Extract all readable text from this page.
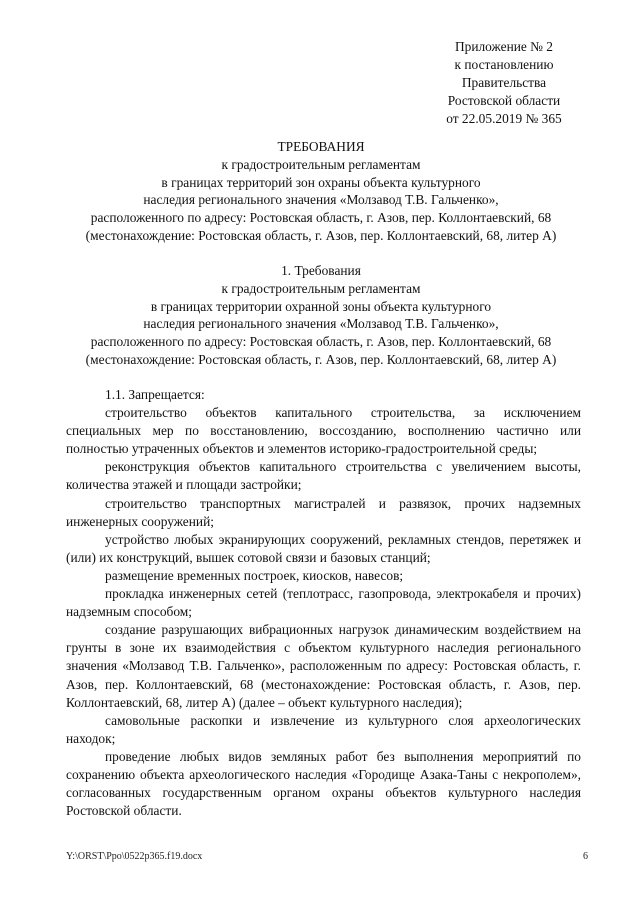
Приложение № 2
к постановлению
Правительства
Ростовской области
от 22.05.2019 № 365
ТРЕБОВАНИЯ
к градостроительным регламентам
в границах территорий зон охраны объекта культурного
наследия регионального значения «Молзавод Т.В. Гальченко»,
расположенного по адресу: Ростовская область, г. Азов, пер. Коллонтаевский, 68
(местонахождение: Ростовская область, г. Азов, пер. Коллонтаевский, 68, литер А)
1. Требования
к градостроительным регламентам
в границах территории охранной зоны объекта культурного
наследия регионального значения «Молзавод Т.В. Гальченко»,
расположенного по адресу: Ростовская область, г. Азов, пер. Коллонтаевский, 68
(местонахождение: Ростовская область, г. Азов, пер. Коллонтаевский, 68, литер А)

1.1. Запрещается:

строительство объектов капитального строительства, за исключением специальных мер по восстановлению, воссозданию, восполнению частично или полностью утраченных объектов и элементов историко-градостроительной среды;

реконструкция объектов капитального строительства с увеличением высоты, количества этажей и площади застройки;

строительство транспортных магистралей и развязок, прочих надземных инженерных сооружений;

устройство любых экранирующих сооружений, рекламных стендов, перетяжек и (или) их конструкций, вышек сотовой связи и базовых станций;

размещение временных построек, киосков, навесов;

прокладка инженерных сетей (теплотрасс, газопровода, электрокабеля и прочих) надземным способом;

создание разрушающих вибрационных нагрузок динамическим воздействием на грунты в зоне их взаимодействия с объектом культурного наследия регионального значения «Молзавод Т.В. Гальченко», расположенным по адресу: Ростовская область, г. Азов, пер. Коллонтаевский, 68 (местонахождение: Ростовская область, г. Азов, пер. Коллонтаевский, 68, литер А) (далее – объект культурного наследия);

самовольные раскопки и извлечение из культурного слоя археологических находок;

проведение любых видов земляных работ без выполнения мероприятий по сохранению объекта археологического наследия «Городище Азака-Таны с некрополем», согласованных государственным органом охраны объектов культурного наследия Ростовской области.

Y:\ORST\Ppo\0522p365.f19.docx	6
